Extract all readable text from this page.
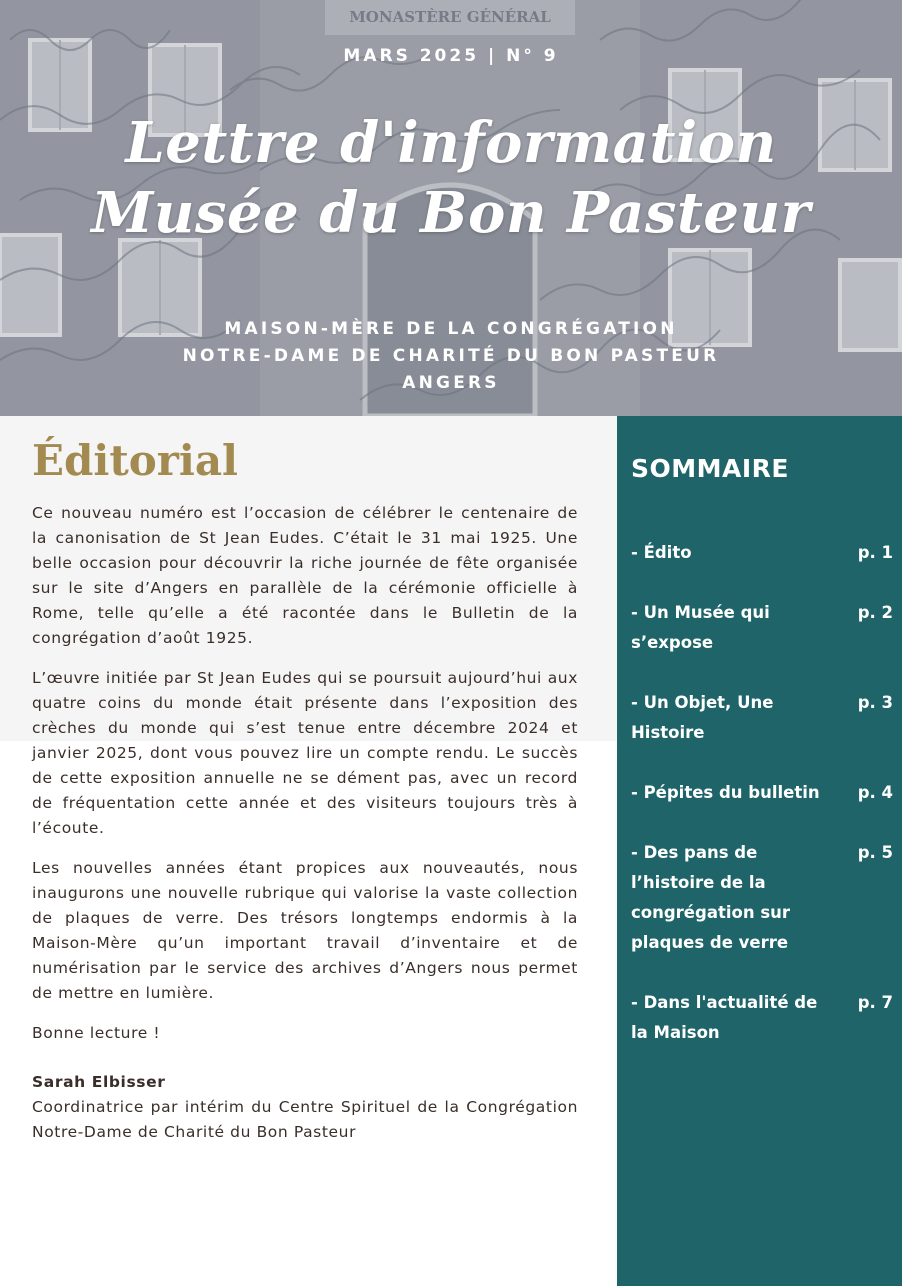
MONASTÈRE GÉNÉRAL
MARS 2025 | N° 9
Lettre d'information
Musée du Bon Pasteur
MAISON-MÈRE DE LA CONGRÉGATION
NOTRE-DAME DE CHARITÉ DU BON PASTEUR
ANGERS
Éditorial

Ce nouveau numéro est l’occasion de célébrer le centenaire de la canonisation de St Jean Eudes. C’était le 31 mai 1925. Une belle occasion pour découvrir la riche journée de fête organisée sur le site d’Angers en parallèle de la cérémonie officielle à Rome, telle qu’elle a été racontée dans le Bulletin de la congrégation d’août 1925.

L’œuvre initiée par St Jean Eudes qui se poursuit aujourd’hui aux quatre coins du monde était présente dans l’exposition des crèches du monde qui s’est tenue entre décembre 2024 et janvier 2025, dont vous pouvez lire un compte rendu. Le succès de cette exposition annuelle ne se dément pas, avec un record de fréquentation cette année et des visiteurs toujours très à l’écoute.

Les nouvelles années étant propices aux nouveautés, nous inaugurons une nouvelle rubrique qui valorise la vaste collection de plaques de verre. Des trésors longtemps endormis à la Maison-Mère qu’un important travail d’inventaire et de numérisation par le service des archives d’Angers nous permet de mettre en lumière.

Bonne lecture !

Sarah Elbisser
Coordinatrice par intérim du Centre Spirituel de la Congrégation Notre-Dame de Charité du Bon Pasteur

SOMMAIRE
- Édito	p. 1
- Un Musée qui s’expose
p. 2
- Un Objet, Une Histoire
p. 3
- Pépites du bulletin	p. 4
- Des pans de l’histoire de la congrégation sur plaques de verre
p. 5
- Dans l'actualité de la Maison
p. 7
